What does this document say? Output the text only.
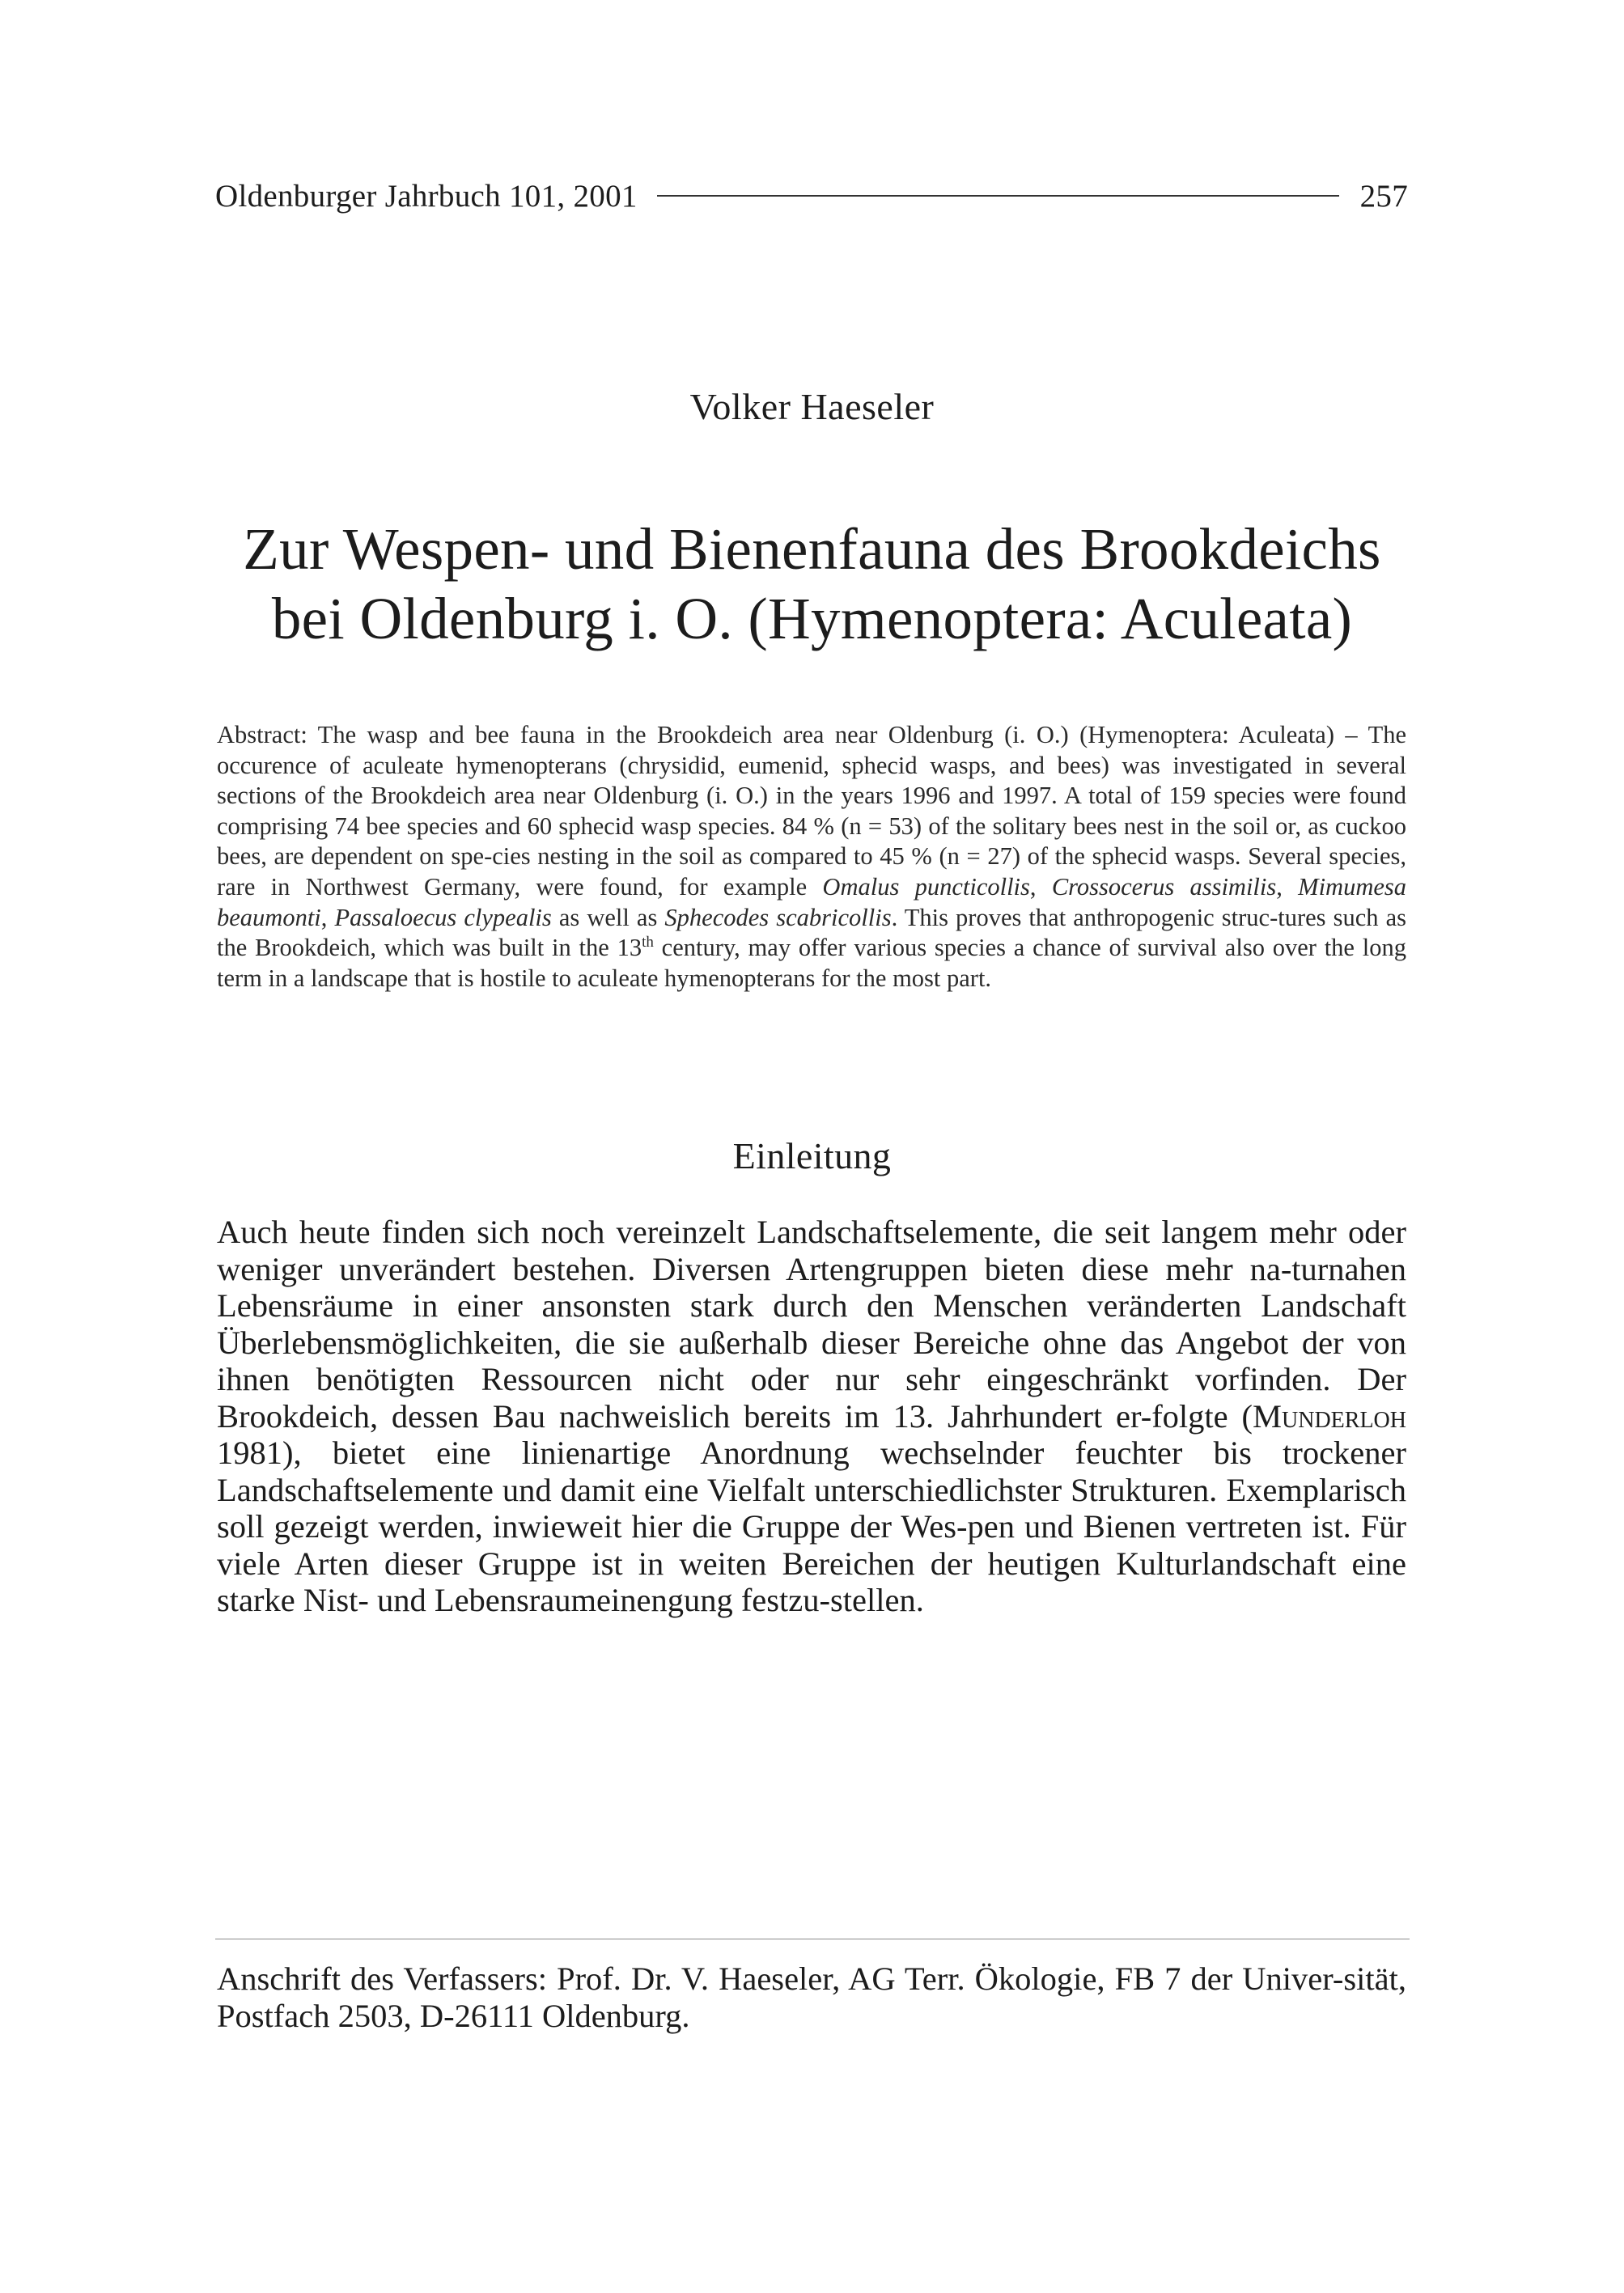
Oldenburger Jahrbuch 101, 2001	257
Volker Haeseler
Zur Wespen- und Bienenfauna des Brookdeichs
bei Oldenburg i. O. (Hymenoptera: Aculeata)
Abstract: The wasp and bee fauna in the Brookdeich area near Oldenburg (i. O.) (Hymenoptera: Aculeata) – The occurence of aculeate hymenopterans (chrysidid, eumenid, sphecid wasps, and bees) was investigated in several sections of the Brookdeich area near Oldenburg (i. O.) in the years 1996 and 1997. A total of 159 species were found comprising 74 bee species and 60 sphecid wasp species. 84 % (n = 53) of the solitary bees nest in the soil or, as cuckoo bees, are dependent on spe-cies nesting in the soil as compared to 45 % (n = 27) of the sphecid wasps. Several species, rare in Northwest Germany, were found, for example Omalus puncticollis, Crossocerus assimilis, Mimumesa beaumonti, Passaloecus clypealis as well as Sphecodes scabricollis. This proves that anthropogenic struc-tures such as the Brookdeich, which was built in the 13th century, may offer various species a chance of survival also over the long term in a landscape that is hostile to aculeate hymenopterans for the most part.
Einleitung
Auch heute finden sich noch vereinzelt Landschaftselemente, die seit langem mehr oder weniger unverändert bestehen. Diversen Artengruppen bieten diese mehr na-turnahen Lebensräume in einer ansonsten stark durch den Menschen veränderten Landschaft Überlebensmöglichkeiten, die sie außerhalb dieser Bereiche ohne das Angebot der von ihnen benötigten Ressourcen nicht oder nur sehr eingeschränkt vorfinden. Der Brookdeich, dessen Bau nachweislich bereits im 13. Jahrhundert er-folgte (Munderloh 1981), bietet eine linienartige Anordnung wechselnder feuchter bis trockener Landschaftselemente und damit eine Vielfalt unterschiedlichster Strukturen. Exemplarisch soll gezeigt werden, inwieweit hier die Gruppe der Wes-pen und Bienen vertreten ist. Für viele Arten dieser Gruppe ist in weiten Bereichen der heutigen Kulturlandschaft eine starke Nist- und Lebensraumeinengung festzu-stellen.
Anschrift des Verfassers: Prof. Dr. V. Haeseler, AG Terr. Ökologie, FB 7 der Univer-sität, Postfach 2503, D-26111 Oldenburg.
